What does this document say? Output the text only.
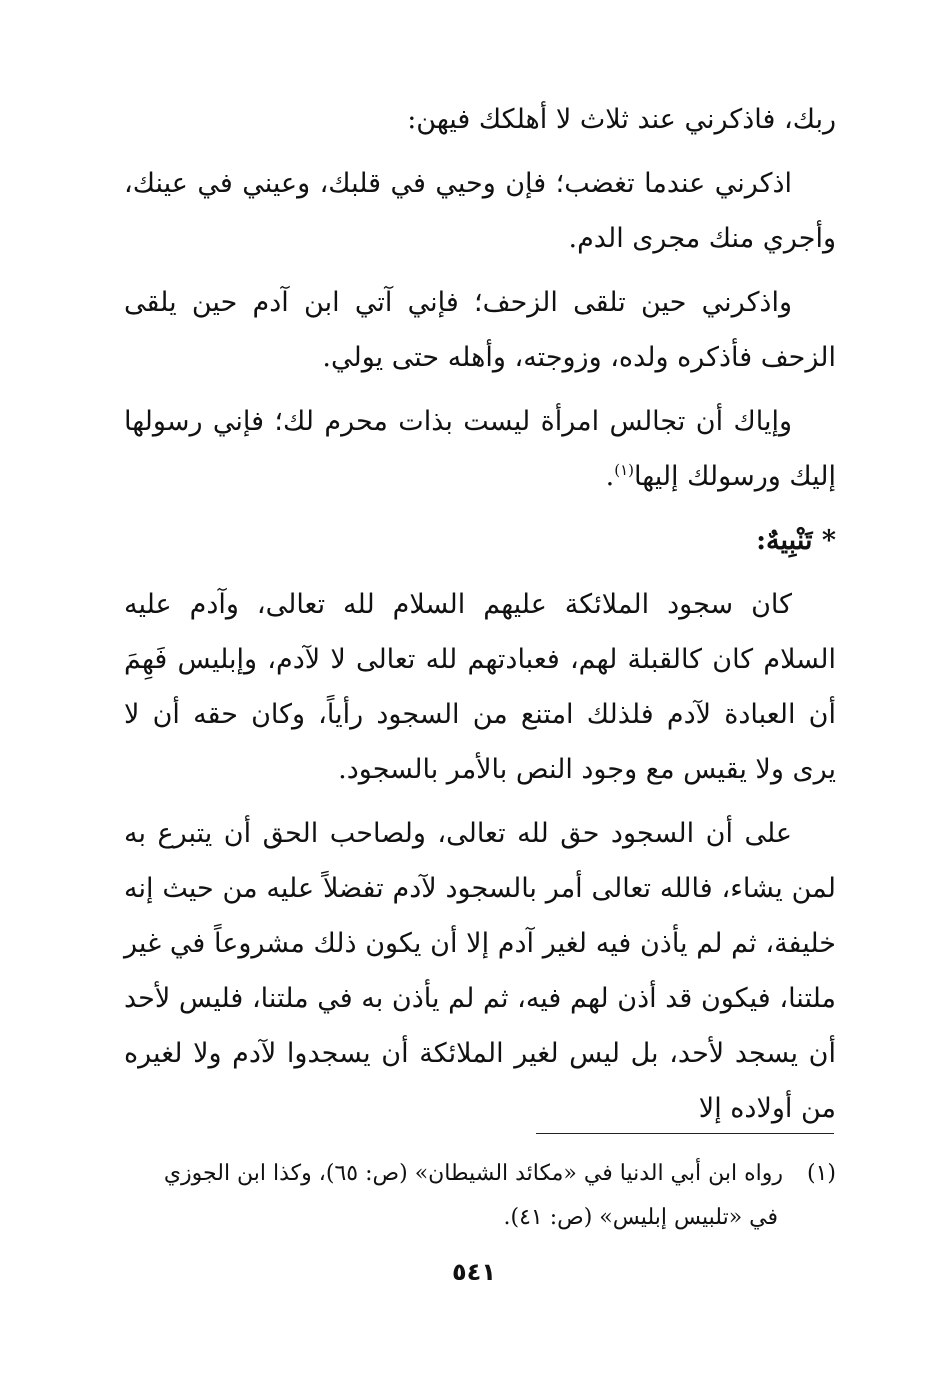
ربك، فاذكرني عند ثلاث لا أهلكك فيهن:

اذكرني عندما تغضب؛ فإن وحيي في قلبك، وعيني في عينك، وأجري منك مجرى الدم.

واذكرني حين تلقى الزحف؛ فإني آتي ابن آدم حين يلقى الزحف فأذكره ولده، وزوجته، وأهله حتى يولي.

وإياك أن تجالس امرأة ليست بذات محرم لك؛ فإني رسولها إليك ورسولك إليها$^{(١)}$.

* تَنْبِيهٌ:

كان سجود الملائكة عليهم السلام لله تعالى، وآدم عليه السلام كان كالقبلة لهم، فعبادتهم لله تعالى لا لآدم، وإبليس فَهِمَ أن العبادة لآدم فلذلك امتنع من السجود رأياً، وكان حقه أن لا يرى ولا يقيس مع وجود النص بالأمر بالسجود.

على أن السجود حق لله تعالى، ولصاحب الحق أن يتبرع به لمن يشاء، فالله تعالى أمر بالسجود لآدم تفضلاً عليه من حيث إنه خليفة، ثم لم يأذن فيه لغير آدم إلا أن يكون ذلك مشروعاً في غير ملتنا، فيكون قد أذن لهم فيه، ثم لم يأذن به في ملتنا، فليس لأحد أن يسجد لأحد، بل ليس لغير الملائكة أن يسجدوا لآدم ولا لغيره من أولاده إلا

(١)رواه ابن أبي الدنيا في «مكائد الشيطان» (ص: ٦٥)، وكذا ابن الجوزي
في «تلبيس إبليس» (ص: ٤١).
٥٤١
